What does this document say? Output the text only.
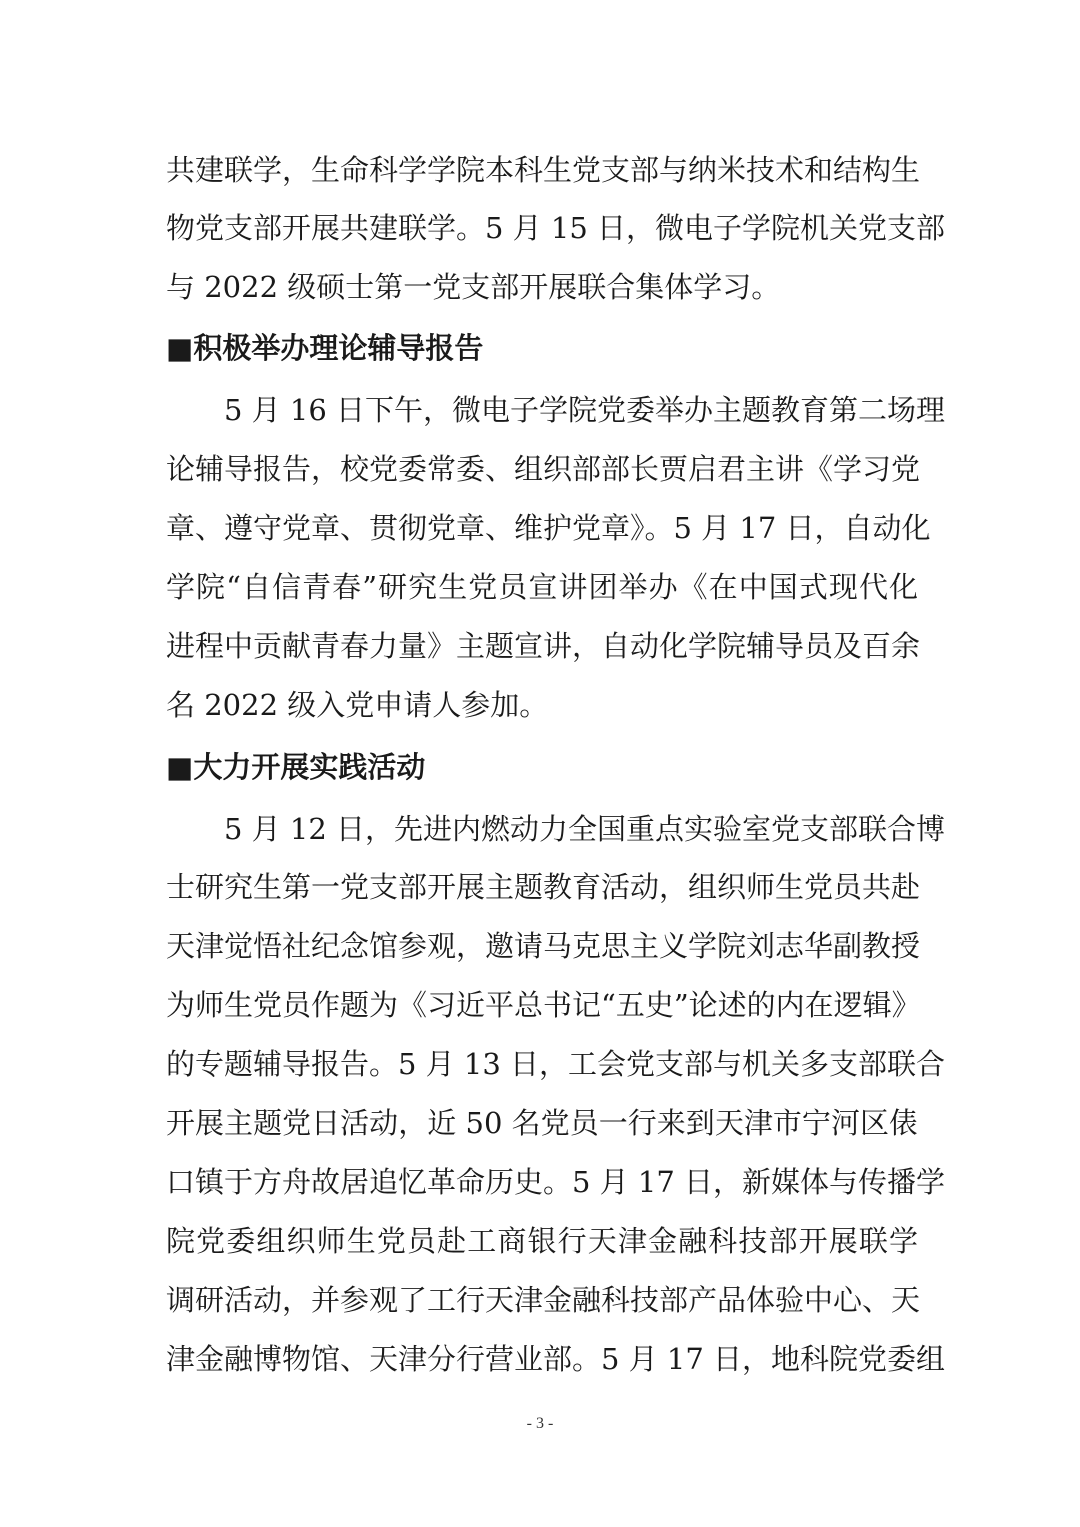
共建联学，生命科学学院本科生党支部与纳米技术和结构生
物党支部开展共建联学。5 月 15 日，微电子学院机关党支部
与 2022 级硕士第一党支部开展联合集体学习。
■积极举办理论辅导报告
5 月 16 日下午，微电子学院党委举办主题教育第二场理
论辅导报告，校党委常委、组织部部长贾启君主讲《学习党
章、遵守党章、贯彻党章、维护党章》。5 月 17 日，自动化
学院“自信青春”研究生党员宣讲团举办《在中国式现代化
进程中贡献青春力量》主题宣讲，自动化学院辅导员及百余
名 2022 级入党申请人参加。
■大力开展实践活动
5 月 12 日，先进内燃动力全国重点实验室党支部联合博
士研究生第一党支部开展主题教育活动，组织师生党员共赴
天津觉悟社纪念馆参观，邀请马克思主义学院刘志华副教授
为师生党员作题为《习近平总书记“五史”论述的内在逻辑》
的专题辅导报告。5 月 13 日，工会党支部与机关多支部联合
开展主题党日活动，近 50 名党员一行来到天津市宁河区俵
口镇于方舟故居追忆革命历史。5 月 17 日，新媒体与传播学
院党委组织师生党员赴工商银行天津金融科技部开展联学
调研活动，并参观了工行天津金融科技部产品体验中心、天
津金融博物馆、天津分行营业部。5 月 17 日，地科院党委组
- 3 -
